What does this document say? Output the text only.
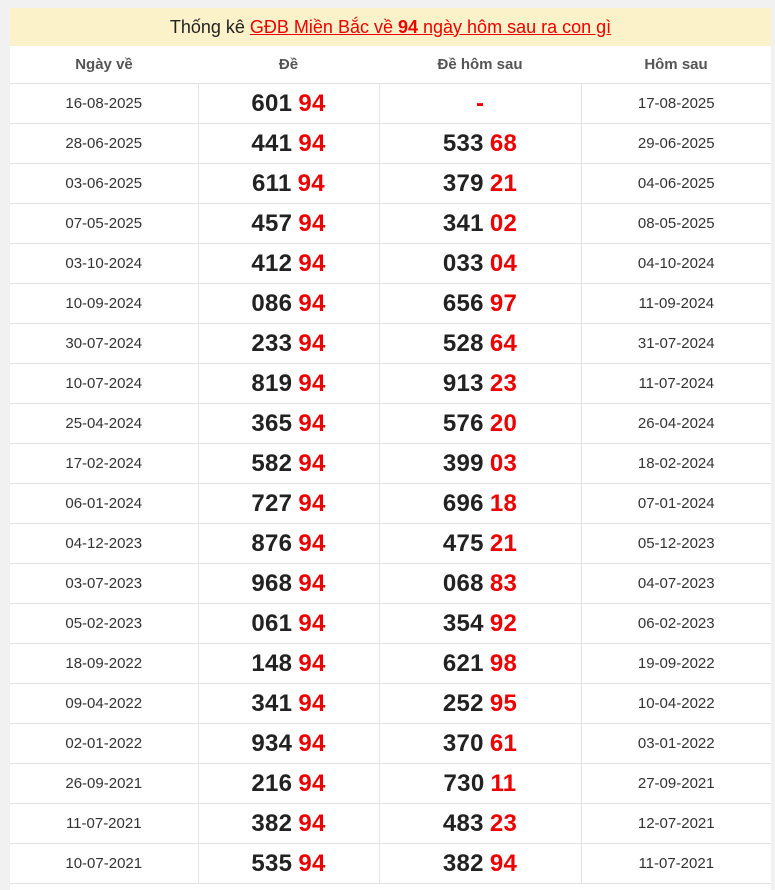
Thống kê
GĐB Miền Bắc về 94 ngày hôm sau ra con gì
Ngày về	Đề	Đề hôm sau	Hôm sau
16-08-2025	601 94	-	17-08-2025
28-06-2025	441 94	533 68	29-06-2025
03-06-2025	611 94	379 21	04-06-2025
07-05-2025	457 94	341 02	08-05-2025
03-10-2024	412 94	033 04	04-10-2024
10-09-2024	086 94	656 97	11-09-2024
30-07-2024	233 94	528 64	31-07-2024
10-07-2024	819 94	913 23	11-07-2024
25-04-2024	365 94	576 20	26-04-2024
17-02-2024	582 94	399 03	18-02-2024
06-01-2024	727 94	696 18	07-01-2024
04-12-2023	876 94	475 21	05-12-2023
03-07-2023	968 94	068 83	04-07-2023
05-02-2023	061 94	354 92	06-02-2023
18-09-2022	148 94	621 98	19-09-2022
09-04-2022	341 94	252 95	10-04-2022
02-01-2022	934 94	370 61	03-01-2022
26-09-2021	216 94	730 11	27-09-2021
11-07-2021	382 94	483 23	12-07-2021
10-07-2021	535 94	382 94	11-07-2021
